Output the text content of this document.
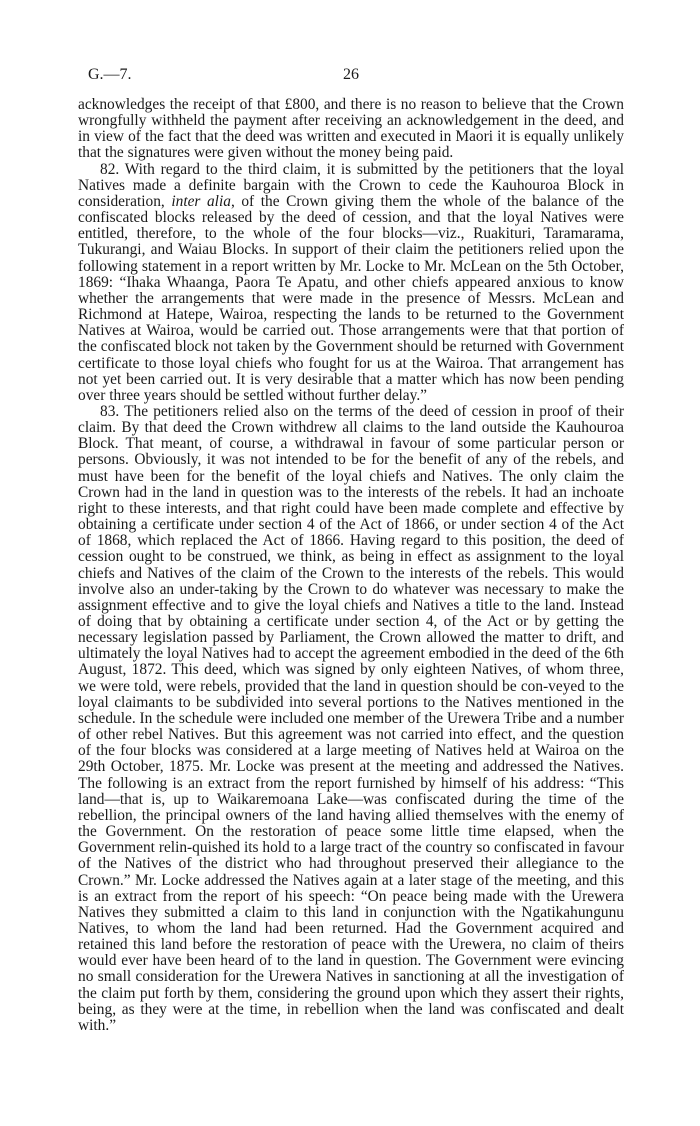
G.—7.	26

acknowledges the receipt of that £800, and there is no reason to believe that the Crown wrongfully withheld the payment after receiving an acknowledgement in the deed, and in view of the fact that the deed was written and executed in Maori it is equally unlikely that the signatures were given without the money being paid.

82. With regard to the third claim, it is submitted by the petitioners that the loyal Natives made a definite bargain with the Crown to cede the Kauhouroa Block in consideration, inter alia, of the Crown giving them the whole of the balance of the confiscated blocks released by the deed of cession, and that the loyal Natives were entitled, therefore, to the whole of the four blocks—viz., Ruakituri, Taramarama, Tukurangi, and Waiau Blocks. In support of their claim the petitioners relied upon the following statement in a report written by Mr. Locke to Mr. McLean on the 5th October, 1869: “Ihaka Whaanga, Paora Te Apatu, and other chiefs appeared anxious to know whether the arrangements that were made in the presence of Messrs. McLean and Richmond at Hatepe, Wairoa, respecting the lands to be returned to the Government Natives at Wairoa, would be carried out. Those arrangements were that that portion of the confiscated block not taken by the Government should be returned with Government certificate to those loyal chiefs who fought for us at the Wairoa. That arrangement has not yet been carried out. It is very desirable that a matter which has now been pending over three years should be settled without further delay.”

83. The petitioners relied also on the terms of the deed of cession in proof of their claim. By that deed the Crown withdrew all claims to the land outside the Kauhouroa Block. That meant, of course, a withdrawal in favour of some particular person or persons. Obviously, it was not intended to be for the benefit of any of the rebels, and must have been for the benefit of the loyal chiefs and Natives. The only claim the Crown had in the land in question was to the interests of the rebels. It had an inchoate right to these interests, and that right could have been made complete and effective by obtaining a certificate under section 4 of the Act of 1866, or under section 4 of the Act of 1868, which replaced the Act of 1866. Having regard to this position, the deed of cession ought to be construed, we think, as being in effect as assignment to the loyal chiefs and Natives of the claim of the Crown to the interests of the rebels. This would involve also an under-taking by the Crown to do whatever was necessary to make the assignment effective and to give the loyal chiefs and Natives a title to the land. Instead of doing that by obtaining a certificate under section 4, of the Act or by getting the necessary legislation passed by Parliament, the Crown allowed the matter to drift, and ultimately the loyal Natives had to accept the agreement embodied in the deed of the 6th August, 1872. This deed, which was signed by only eighteen Natives, of whom three, we were told, were rebels, provided that the land in question should be con-veyed to the loyal claimants to be subdivided into several portions to the Natives mentioned in the schedule. In the schedule were included one member of the Urewera Tribe and a number of other rebel Natives. But this agreement was not carried into effect, and the question of the four blocks was considered at a large meeting of Natives held at Wairoa on the 29th October, 1875. Mr. Locke was present at the meeting and addressed the Natives. The following is an extract from the report furnished by himself of his address: “This land—that is, up to Waikaremoana Lake—was confiscated during the time of the rebellion, the principal owners of the land having allied themselves with the enemy of the Government. On the restoration of peace some little time elapsed, when the Government relin-quished its hold to a large tract of the country so confiscated in favour of the Natives of the district who had throughout preserved their allegiance to the Crown.” Mr. Locke addressed the Natives again at a later stage of the meeting, and this is an extract from the report of his speech: “On peace being made with the Urewera Natives they submitted a claim to this land in conjunction with the Ngatikahungunu Natives, to whom the land had been returned. Had the Government acquired and retained this land before the restoration of peace with the Urewera, no claim of theirs would ever have been heard of to the land in question. The Government were evincing no small consideration for the Urewera Natives in sanctioning at all the investigation of the claim put forth by them, considering the ground upon which they assert their rights, being, as they were at the time, in rebellion when the land was confiscated and dealt with.”
